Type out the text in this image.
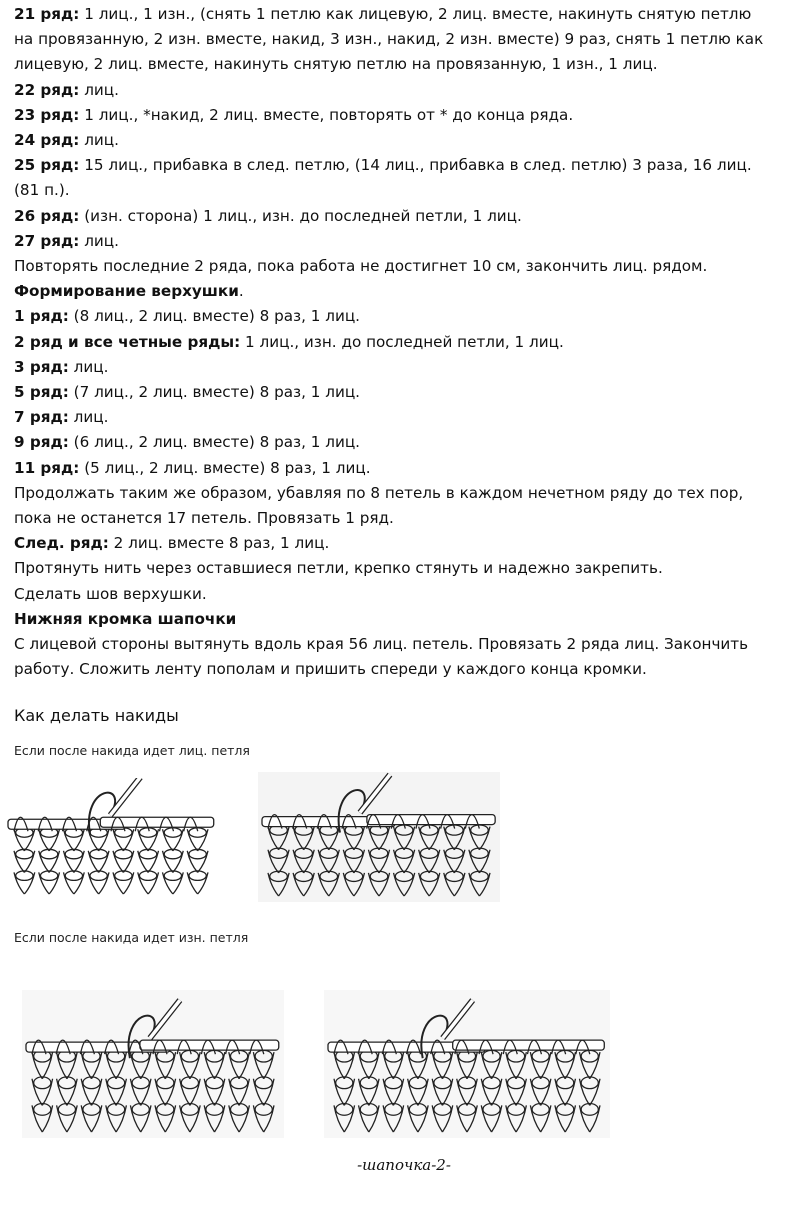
21 ряд: 1 лиц., 1 изн., (снять 1 петлю как лицевую, 2 лиц. вместе, накинуть снятую петлю
на провязанную, 2 изн. вместе, накид, 3 изн., накид, 2 изн. вместе) 9 раз, снять 1 петлю как
лицевую, 2 лиц. вместе, накинуть снятую петлю на провязанную, 1 изн., 1 лиц.
22 ряд: лиц.
23 ряд: 1 лиц., *накид, 2 лиц. вместе, повторять от * до конца ряда.
24 ряд: лиц.
25 ряд: 15 лиц., прибавка в след. петлю, (14 лиц., прибавка в след. петлю) 3 раза, 16 лиц.
(81 п.).
26 ряд: (изн. сторона) 1 лиц., изн. до последней петли, 1 лиц.
27 ряд: лиц.
Повторять последние 2 ряда, пока работа не достигнет 10 см, закончить лиц. рядом.
Формирование верхушки.
1 ряд: (8 лиц., 2 лиц. вместе) 8 раз, 1 лиц.
2 ряд и все четные ряды: 1 лиц., изн. до последней петли, 1 лиц.
3 ряд: лиц.
5 ряд: (7 лиц., 2 лиц. вместе) 8 раз, 1 лиц.
7 ряд: лиц.
9 ряд: (6 лиц., 2 лиц. вместе) 8 раз, 1 лиц.
11 ряд: (5 лиц., 2 лиц. вместе) 8 раз, 1 лиц.
Продолжать таким же образом, убавляя по 8 петель в каждом нечетном ряду до тех пор,
пока не останется 17 петель. Провязать 1 ряд.
След. ряд: 2 лиц. вместе 8 раз, 1 лиц.
Протянуть нить через оставшиеся петли, крепко стянуть и надежно закрепить.
Сделать шов верхушки.
Нижняя кромка шапочки
С лицевой стороны вытянуть вдоль края 56 лиц. петель. Провязать 2 ряда лиц. Закончить
работу. Сложить ленту пополам и пришить спереди у каждого конца кромки.
Как делать накиды
Если после накида идет лиц. петля
Если после накида идет изн. петля
-шапочка-2-
